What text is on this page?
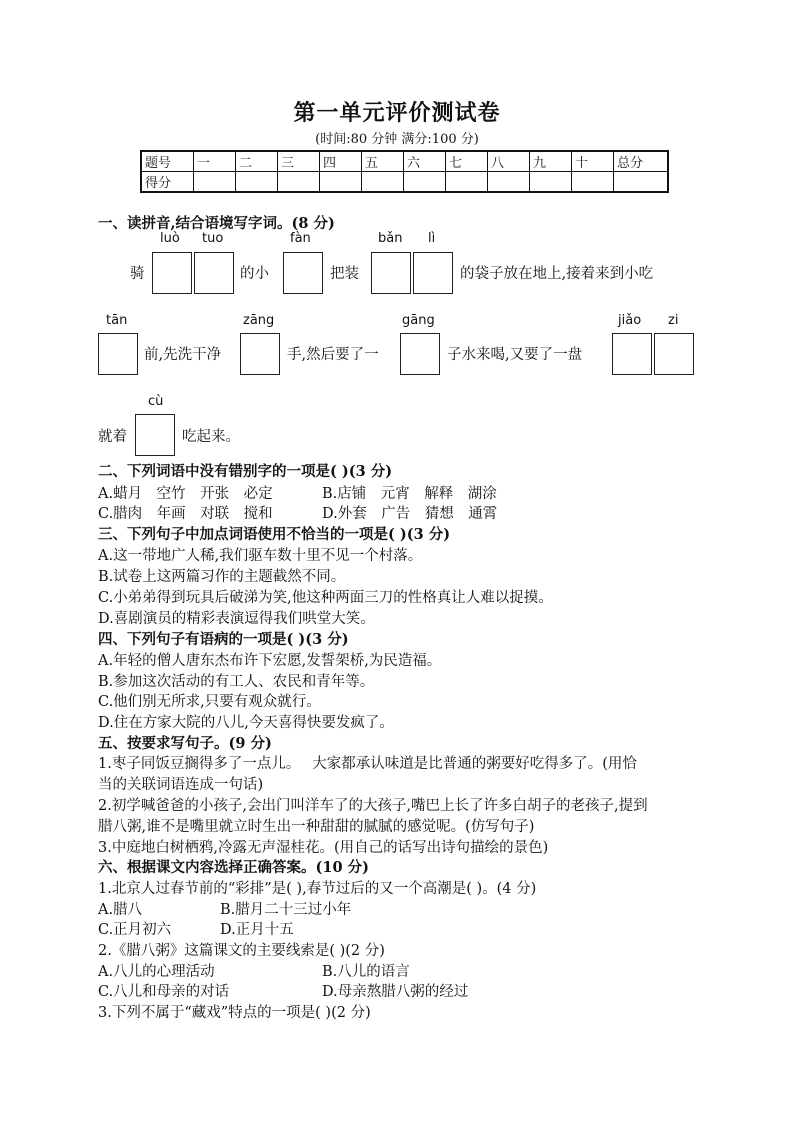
第一单元评价测试卷
(时间:80 分钟 满分:100 分)
题号	一	二	三	四	五	六	七	八	九	十	总分
得分											
一、读拼音,结合语境写字词。(8 分)
luò tuo	fàn	bǎn lì
骑	的小	把装	的袋子放在地上,接着来到小吃
tān	zāng	gāng	jiǎo zi
前,先洗干净	手,然后要了一	子水来喝,又要了一盘
cù
就着	吃起来。
二、下列词语中没有错别字的一项是( )(3 分)
A.蜡月　空竹　开张　必定	B.店铺　元宵　解释　湖涂
C.腊肉　年画　对联　搅和	D.外套　广告　猜想　通霄
三、下列句子中加点词语使用不恰当的一项是( )(3 分)
A.这一带地广人稀,我们驱车数十里不见一个村落。
B.试卷上这两篇习作的主题截然不同。
C.小弟弟得到玩具后破涕为笑,他这种两面三刀的性格真让人难以捉摸。
D.喜剧演员的精彩表演逗得我们哄堂大笑。
四、下列句子有语病的一项是( )(3 分)
A.年轻的僧人唐东杰布许下宏愿,发誓架桥,为民造福。
B.参加这次活动的有工人、农民和青年等。
C.他们别无所求,只要有观众就行。
D.住在方家大院的八儿,今天喜得快要发疯了。
五、按要求写句子。(9 分)
1.枣子同饭豆搁得多了一点儿。　 大家都承认味道是比普通的粥要好吃得多了。(用恰
当的关联词语连成一句话)
2.初学喊爸爸的小孩子,会出门叫洋车了的大孩子,嘴巴上长了许多白胡子的老孩子,提到
腊八粥,谁不是嘴里就立时生出一种甜甜的腻腻的感觉呢。(仿写句子)
3.中庭地白树栖鸦,冷露无声湿桂花。(用自己的话写出诗句描绘的景色)
六、根据课文内容选择正确答案。(10 分)
1.北京人过春节前的“彩排”是( ),春节过后的又一个高潮是( )。(4 分)
A.腊八	B.腊月二十三过小年
C.正月初六	D.正月十五
2.《腊八粥》这篇课文的主要线索是( )(2 分)
A.八儿的心理活动	B.八儿的语言
C.八儿和母亲的对话	D.母亲熬腊八粥的经过
3.下列不属于“藏戏”特点的一项是( )(2 分)
